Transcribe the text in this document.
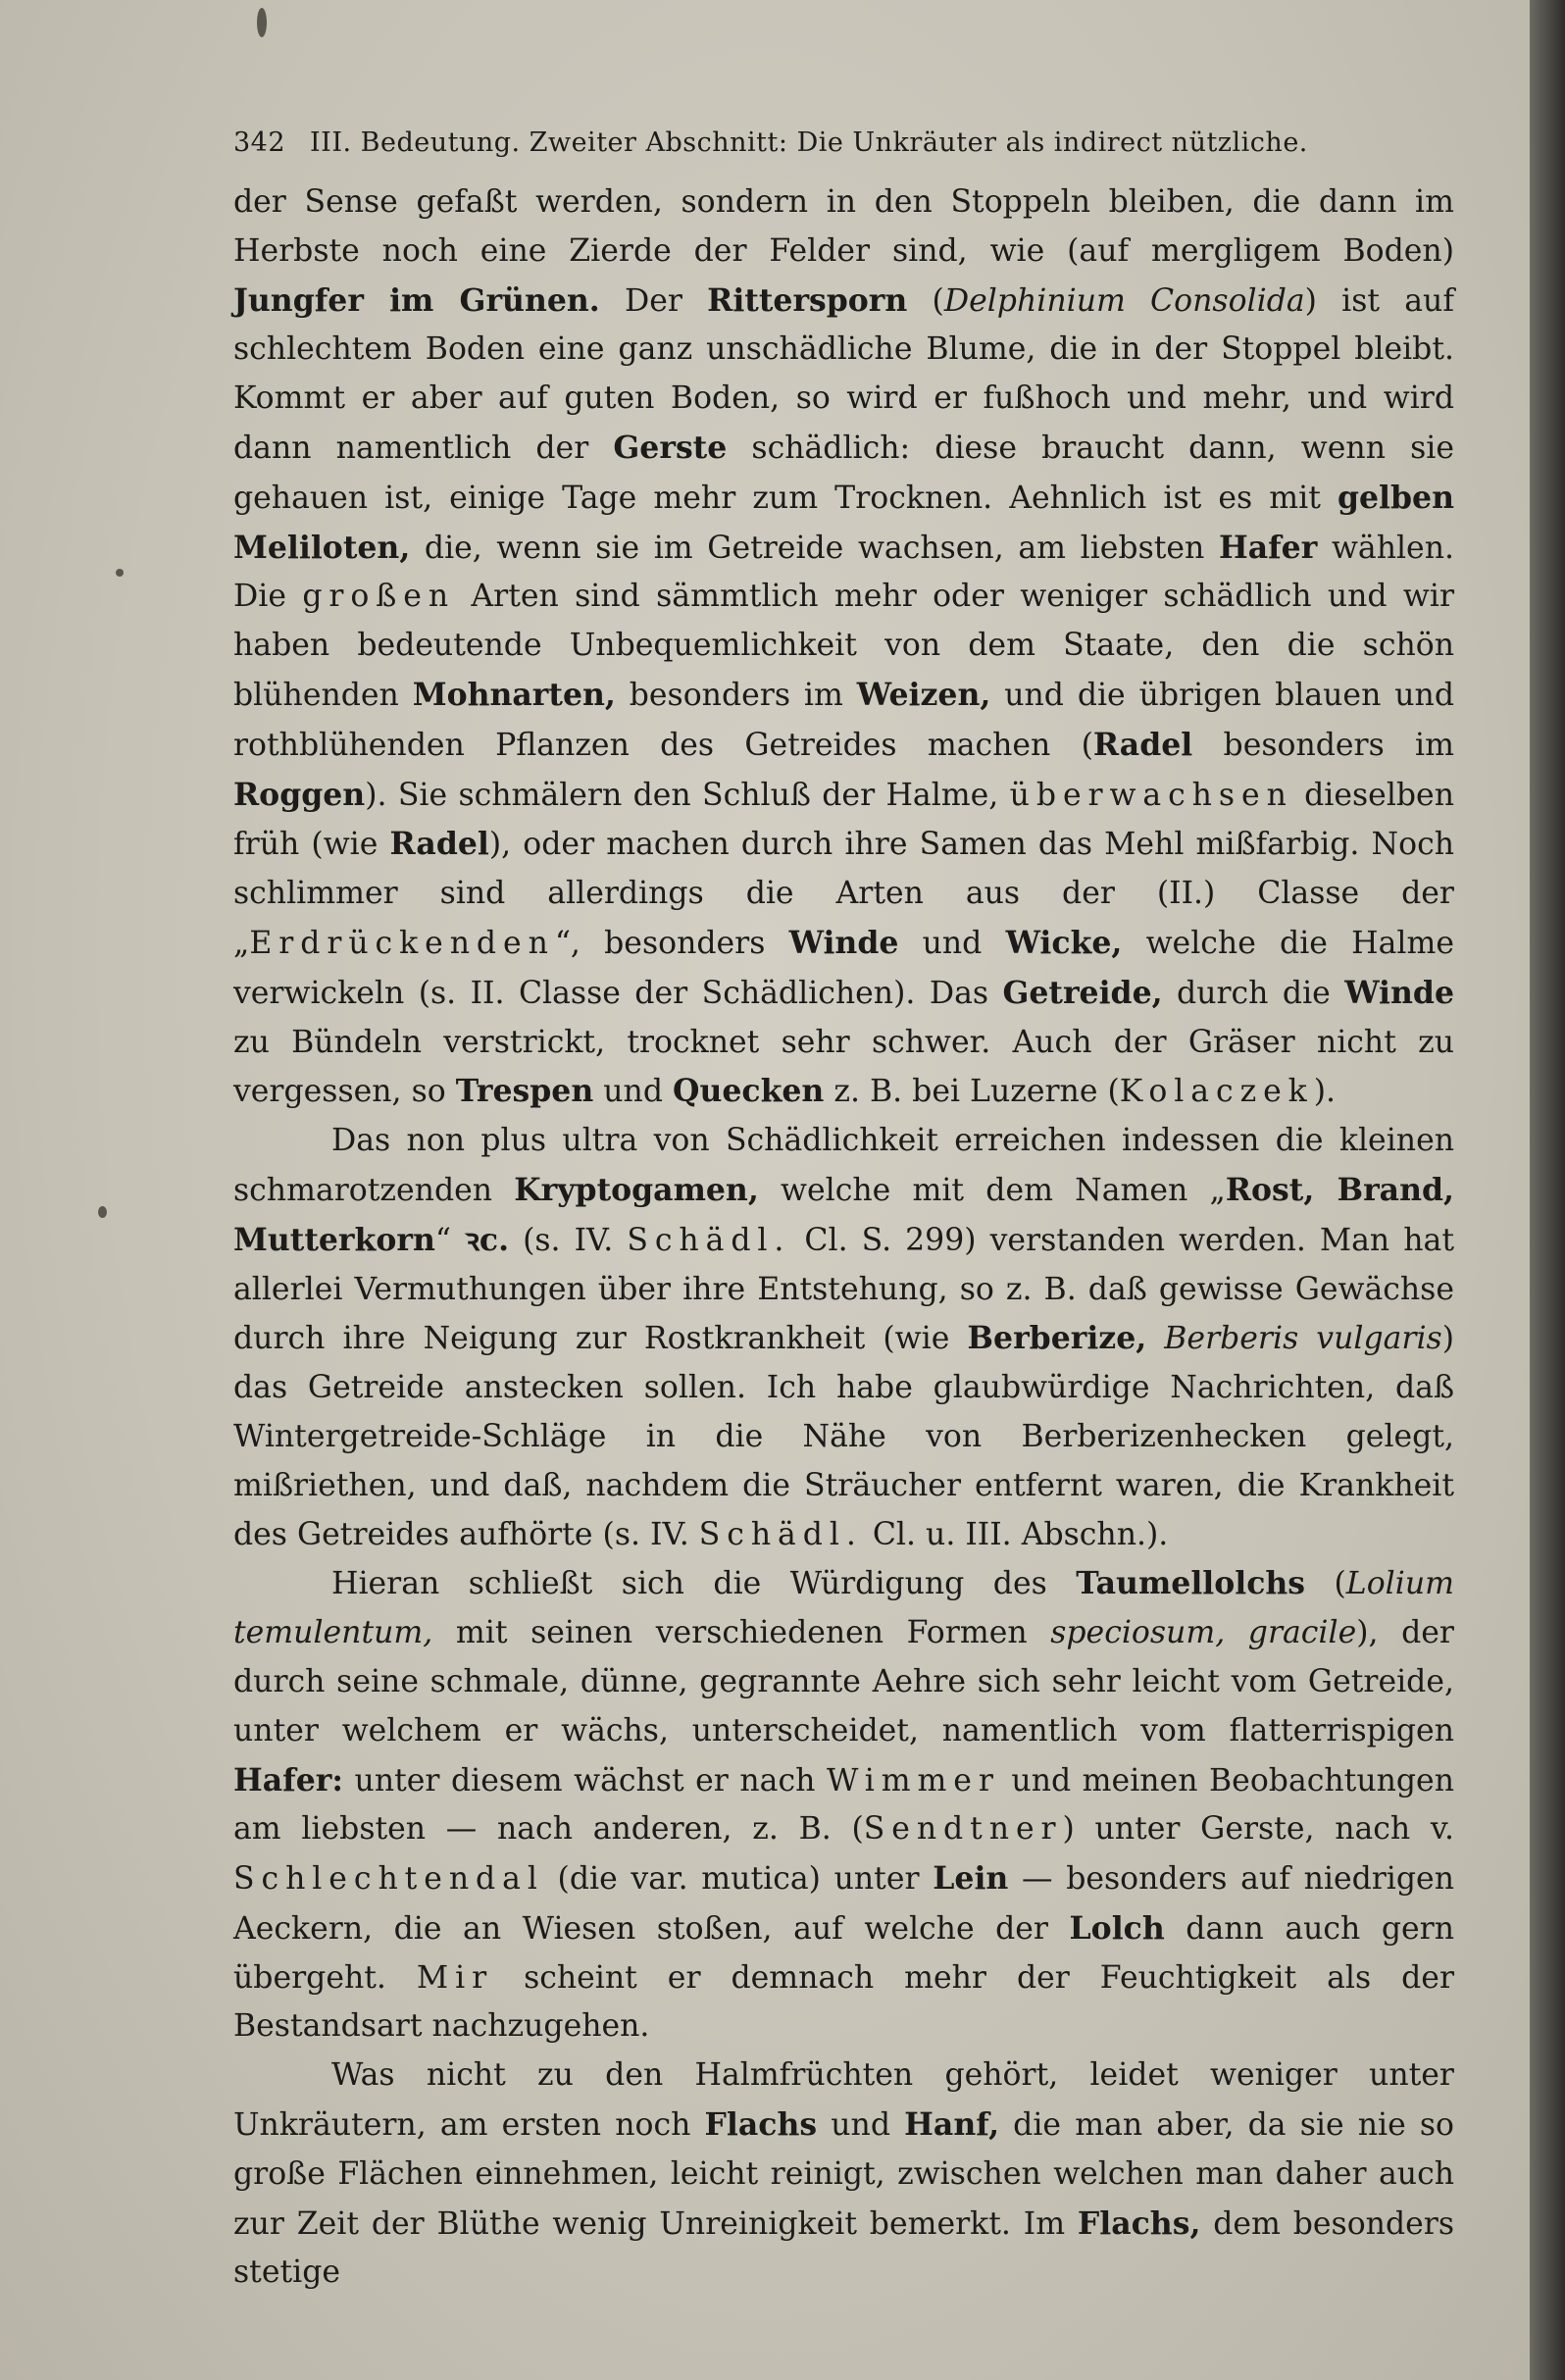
342 III. Bedeutung. Zweiter Abschnitt: Die Unkräuter als indirect nützliche.

der Sense gefaßt werden, sondern in den Stoppeln bleiben, die dann im Herbste noch eine Zierde der Felder sind, wie (auf mergligem Boden) Jungfer im Grünen. Der Rittersporn (Delphinium Consolida) ist auf schlechtem Boden eine ganz unschädliche Blume, die in der Stoppel bleibt. Kommt er aber auf guten Boden, so wird er fußhoch und mehr, und wird dann namentlich der Gerste schädlich: diese braucht dann, wenn sie gehauen ist, einige Tage mehr zum Trocknen. Aehnlich ist es mit gelben Meliloten, die, wenn sie im Getreide wachsen, am liebsten Hafer wählen. Die großen Arten sind sämmtlich mehr oder weniger schädlich und wir haben bedeutende Unbequemlichkeit von dem Staate, den die schön blühenden Mohnarten, besonders im Weizen, und die übrigen blauen und rothblühenden Pflanzen des Getreides machen (Radel besonders im Roggen). Sie schmälern den Schluß der Halme, überwachsen dieselben früh (wie Radel), oder machen durch ihre Samen das Mehl mißfarbig. Noch schlimmer sind allerdings die Arten aus der (II.) Classe der „Erdrückenden“, besonders Winde und Wicke, welche die Halme verwickeln (s. II. Classe der Schädlichen). Das Getreide, durch die Winde zu Bündeln verstrickt, trocknet sehr schwer. Auch der Gräser nicht zu vergessen, so Trespen und Quecken z. B. bei Luzerne (Kolaczek).

Das non plus ultra von Schädlichkeit erreichen indessen die kleinen schmarotzenden Kryptogamen, welche mit dem Namen „Rost, Brand, Mutterkorn“ ꝛc. (s. IV. Schädl. Cl. S. 299) verstanden werden. Man hat allerlei Vermuthungen über ihre Entstehung, so z. B. daß gewisse Gewächse durch ihre Neigung zur Rostkrankheit (wie Berberize, Berberis vulgaris) das Getreide anstecken sollen. Ich habe glaubwürdige Nachrichten, daß Wintergetreide-Schläge in die Nähe von Berberizenhecken gelegt, mißriethen, und daß, nachdem die Sträucher entfernt waren, die Krankheit des Getreides aufhörte (s. IV. Schädl. Cl. u. III. Abschn.).

Hieran schließt sich die Würdigung des Taumellolchs (Lolium temulentum, mit seinen verschiedenen Formen speciosum, gracile), der durch seine schmale, dünne, gegrannte Aehre sich sehr leicht vom Getreide, unter welchem er wächs, unterscheidet, namentlich vom flatterrispigen Hafer: unter diesem wächst er nach Wimmer und meinen Beobachtungen am liebsten — nach anderen, z. B. (Sendtner) unter Gerste, nach v. Schlechtendal (die var. mutica) unter Lein — besonders auf niedrigen Aeckern, die an Wiesen stoßen, auf welche der Lolch dann auch gern übergeht. Mir scheint er demnach mehr der Feuchtigkeit als der Bestandsart nachzugehen.

Was nicht zu den Halmfrüchten gehört, leidet weniger unter Unkräutern, am ersten noch Flachs und Hanf, die man aber, da sie nie so große Flächen einnehmen, leicht reinigt, zwischen welchen man daher auch zur Zeit der Blüthe wenig Unreinigkeit bemerkt. Im Flachs, dem besonders stetige
